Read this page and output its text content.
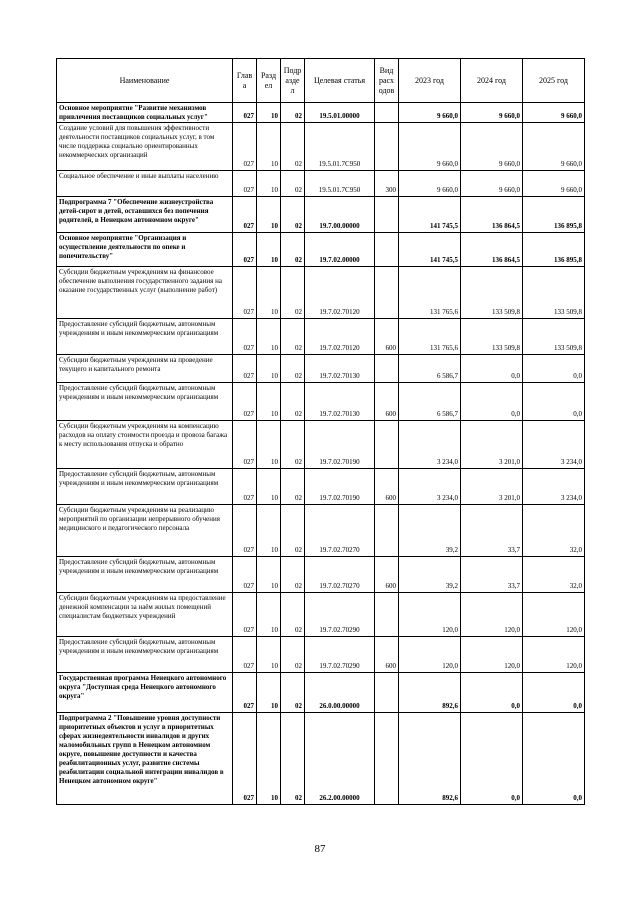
Наименование	Глав а	Разд ел	Подр азде л	Целевая статья	Вид расх одов	2023 год	2024 год	2025 год
Основное мероприятие "Развитие механизмов привлечения поставщиков социальных услуг"	027	10	02	19.5.01.00000		9 660,0	9 660,0	9 660,0
Создание условий для повышения эффективности деятельности поставщиков социальных услуг, в том числе поддержка социально ориентированных некоммерческих организаций	027	10	02	19.5.01.7С950		9 660,0	9 660,0	9 660,0
Социальное обеспечение и иные выплаты населению	027	10	02	19.5.01.7С950	300	9 660,0	9 660,0	9 660,0
Подпрограмма 7 "Обеспечение жизнеустройства детей-сирот и детей, оставшихся без попечения родителей, в Ненецком автономном округе"	027	10	02	19.7.00.00000		141 745,5	136 864,5	136 895,8
Основное мероприятие "Организация и осуществление деятельности по опеке и попечительству"	027	10	02	19.7.02.00000		141 745,5	136 864,5	136 895,8
Субсидии бюджетным учреждениям на финансовое обеспечение выполнения государственного задания на оказание государственных услуг (выполнение работ)	027	10	02	19.7.02.70120		131 765,6	133 509,8	133 509,8
Предоставление субсидий бюджетным, автономным учреждениям и иным некоммерческим организациям	027	10	02	19.7.02.70120	600	131 765,6	133 509,8	133 509,8
Субсидии бюджетным учреждениям на проведение текущего и капитального ремонта	027	10	02	19.7.02.70130		6 586,7	0,0	0,0
Предоставление субсидий бюджетным, автономным учреждениям и иным некоммерческим организациям	027	10	02	19.7.02.70130	600	6 586,7	0,0	0,0
Субсидии бюджетным учреждениям на компенсацию расходов на оплату стоимости проезда и провоза багажа к месту использования отпуска и обратно	027	10	02	19.7.02.70190		3 234,0	3 201,0	3 234,0
Предоставление субсидий бюджетным, автономным учреждениям и иным некоммерческим организациям	027	10	02	19.7.02.70190	600	3 234,0	3 201,0	3 234,0
Субсидии бюджетным учреждениям на реализацию мероприятий по организации непрерывного обучения медицинского и педагогического персонала	027	10	02	19.7.02.70270		39,2	33,7	32,0
Предоставление субсидий бюджетным, автономным учреждениям и иным некоммерческим организациям	027	10	02	19.7.02.70270	600	39,2	33,7	32,0
Субсидии бюджетным учреждениям на предоставление денежной компенсации за наём жилых помещений специалистам бюджетных учреждений	027	10	02	19.7.02.70290		120,0	120,0	120,0
Предоставление субсидий бюджетным, автономным учреждениям и иным некоммерческим организациям	027	10	02	19.7.02.70290	600	120,0	120,0	120,0
Государственная программа Ненецкого автономного округа "Доступная среда Ненецкого автономного округа"	027	10	02	26.0.00.00000		892,6	0,0	0,0
Подпрограмма 2 "Повышение уровня доступности приоритетных объектов и услуг в приоритетных сферах жизнедеятельности инвалидов и других маломобильных групп в Ненецком автономном округе, повышение доступности и качества реабилитационных услуг, развитие системы реабилитации социальной интеграции инвалидов в Ненецком автономном округе"	027	10	02	26.2.00.00000		892,6	0,0	0,0
87
